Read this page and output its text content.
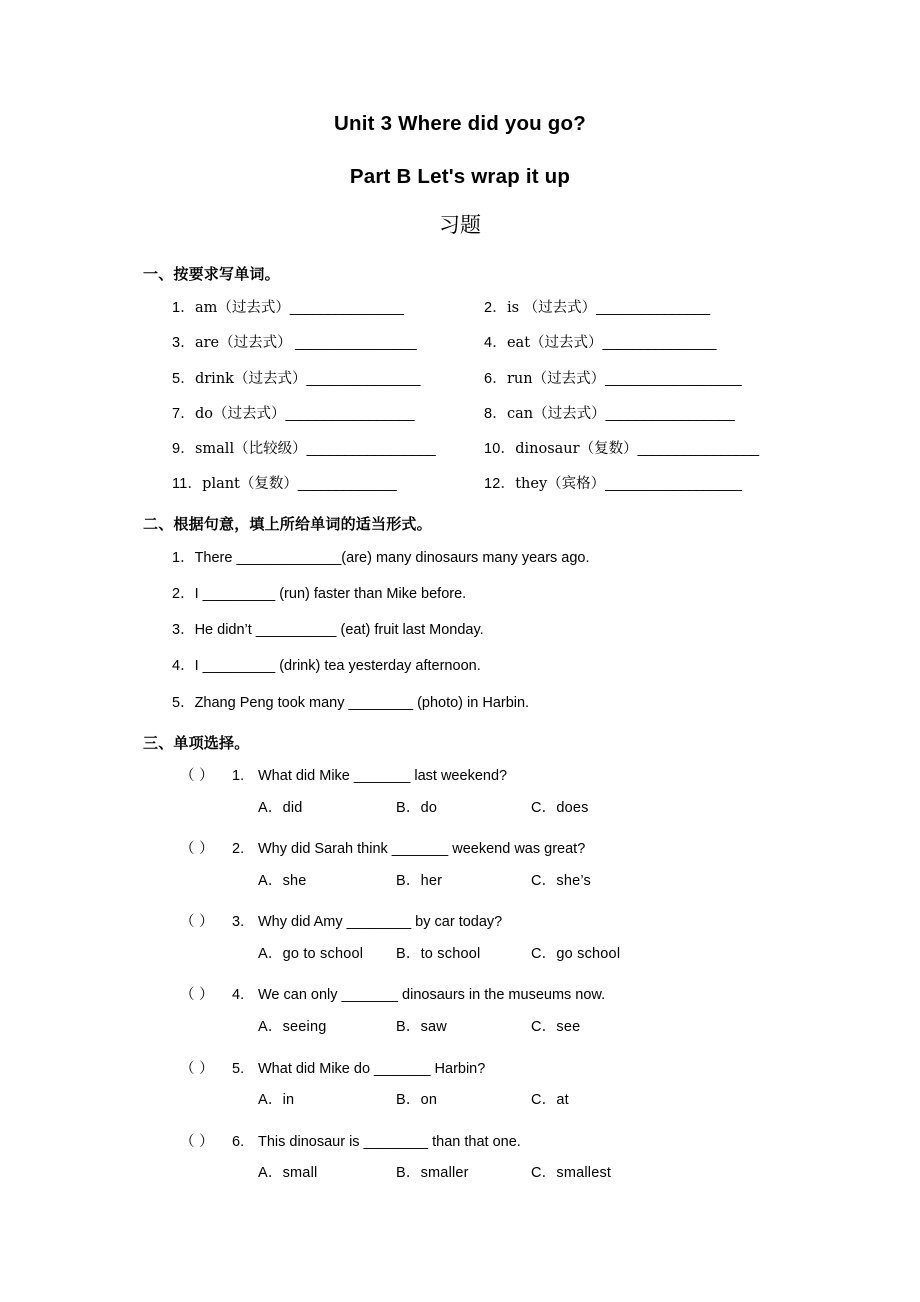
Unit 3 Where did you go?
Part B Let's wrap it up
习题
一、按要求写单词。
1．am（过去式）_______________	2．is （过去式）_______________
3．are（过去式） ________________	4．eat（过去式）_______________
5．drink（过去式）_______________	6．run（过去式）__________________
7．do（过去式）_________________	8．can（过去式）_________________
9．small（比较级）_________________	10．dinosaur（复数）________________
11．plant（复数）_____________	12．they（宾格）__________________
二、根据句意，填上所给单词的适当形式。
1．There _____________(are) many dinosaurs many years ago.
2．I _________ (run) faster than Mike before.
3．He didn’t __________ (eat) fruit last Monday.
4．I _________ (drink) tea yesterday afternoon.
5．Zhang Peng took many ________ (photo) in Harbin.
三、单项选择。
（ ）	1. What did Mike _______ last weekend?
A．did	B．do	C．does
（ ）	2. Why did Sarah think _______ weekend was great?
A．she	B．her	C．she’s
（ ）	3. Why did Amy ________ by car today?
A．go to school	B．to school	C．go school
（ ）	4. We can only _______ dinosaurs in the museums now.
A．seeing	B．saw	C．see
（ ）	5. What did Mike do _______ Harbin?
A．in	B．on	C．at
（ ）	6. This dinosaur is ________ than that one.
A．small	B．smaller	C．smallest
